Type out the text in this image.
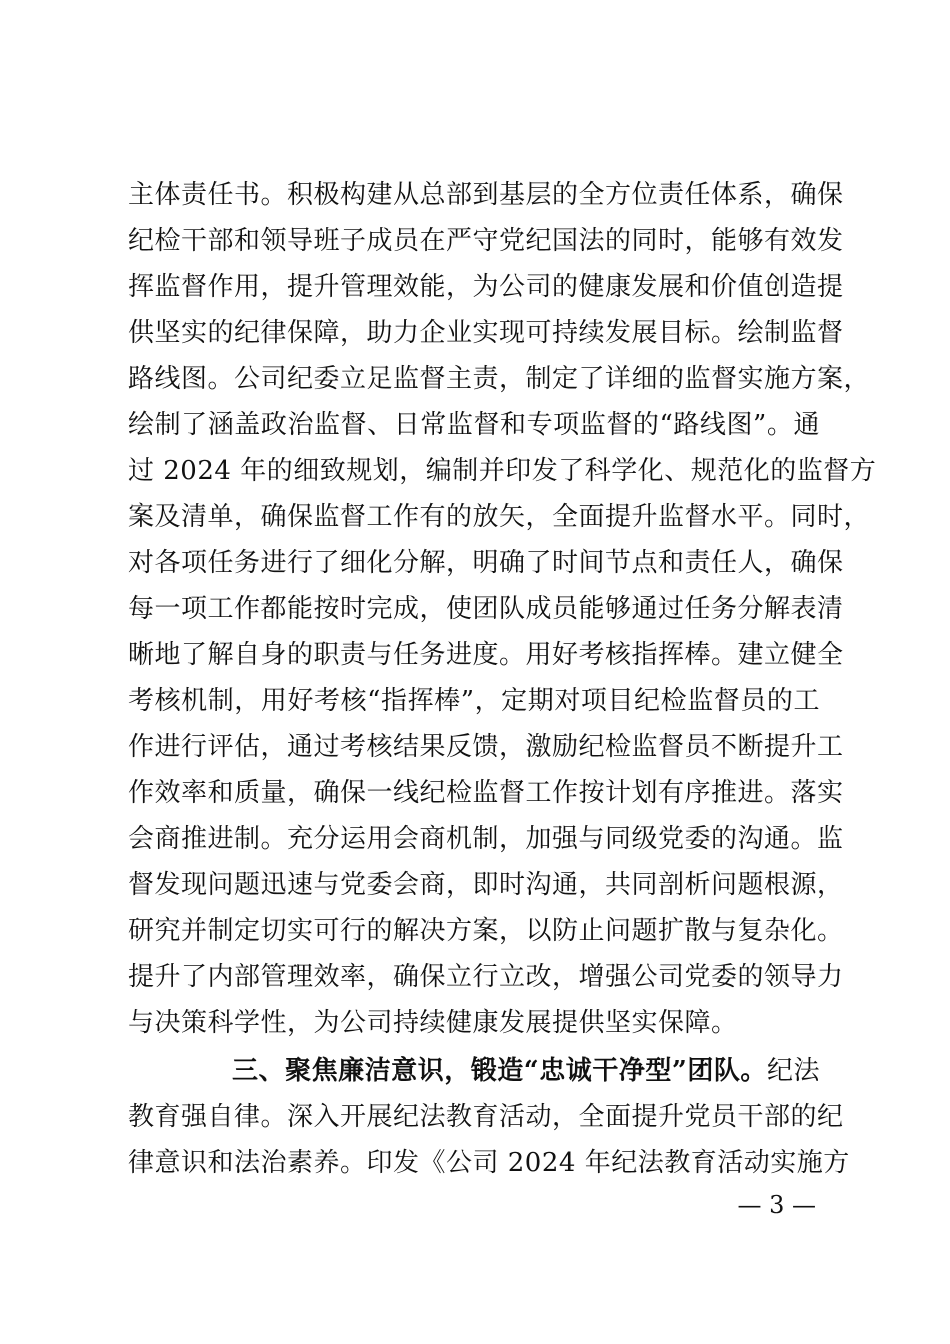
主体责任书。积极构建从总部到基层的全方位责任体系，确保
纪检干部和领导班子成员在严守党纪国法的同时，能够有效发
挥监督作用，提升管理效能，为公司的健康发展和价值创造提
供坚实的纪律保障，助力企业实现可持续发展目标。绘制监督
路线图。公司纪委立足监督主责，制定了详细的监督实施方案，
绘制了涵盖政治监督、日常监督和专项监督的“路线图”。通
过 2024 年的细致规划，编制并印发了科学化、规范化的监督方
案及清单，确保监督工作有的放矢，全面提升监督水平。同时，
对各项任务进行了细化分解，明确了时间节点和责任人，确保
每一项工作都能按时完成，使团队成员能够通过任务分解表清
晰地了解自身的职责与任务进度。用好考核指挥棒。建立健全
考核机制，用好考核“指挥棒”，定期对项目纪检监督员的工
作进行评估，通过考核结果反馈，激励纪检监督员不断提升工
作效率和质量，确保一线纪检监督工作按计划有序推进。落实
会商推进制。充分运用会商机制，加强与同级党委的沟通。监
督发现问题迅速与党委会商，即时沟通，共同剖析问题根源，
研究并制定切实可行的解决方案，以防止问题扩散与复杂化。
提升了内部管理效率，确保立行立改，增强公司党委的领导力
与决策科学性，为公司持续健康发展提供坚实保障。
三、聚焦廉洁意识，锻造“忠诚干净型”团队。纪法
教育强自律。深入开展纪法教育活动，全面提升党员干部的纪
律意识和法治素养。印发《公司 2024 年纪法教育活动实施方
— 3 —
